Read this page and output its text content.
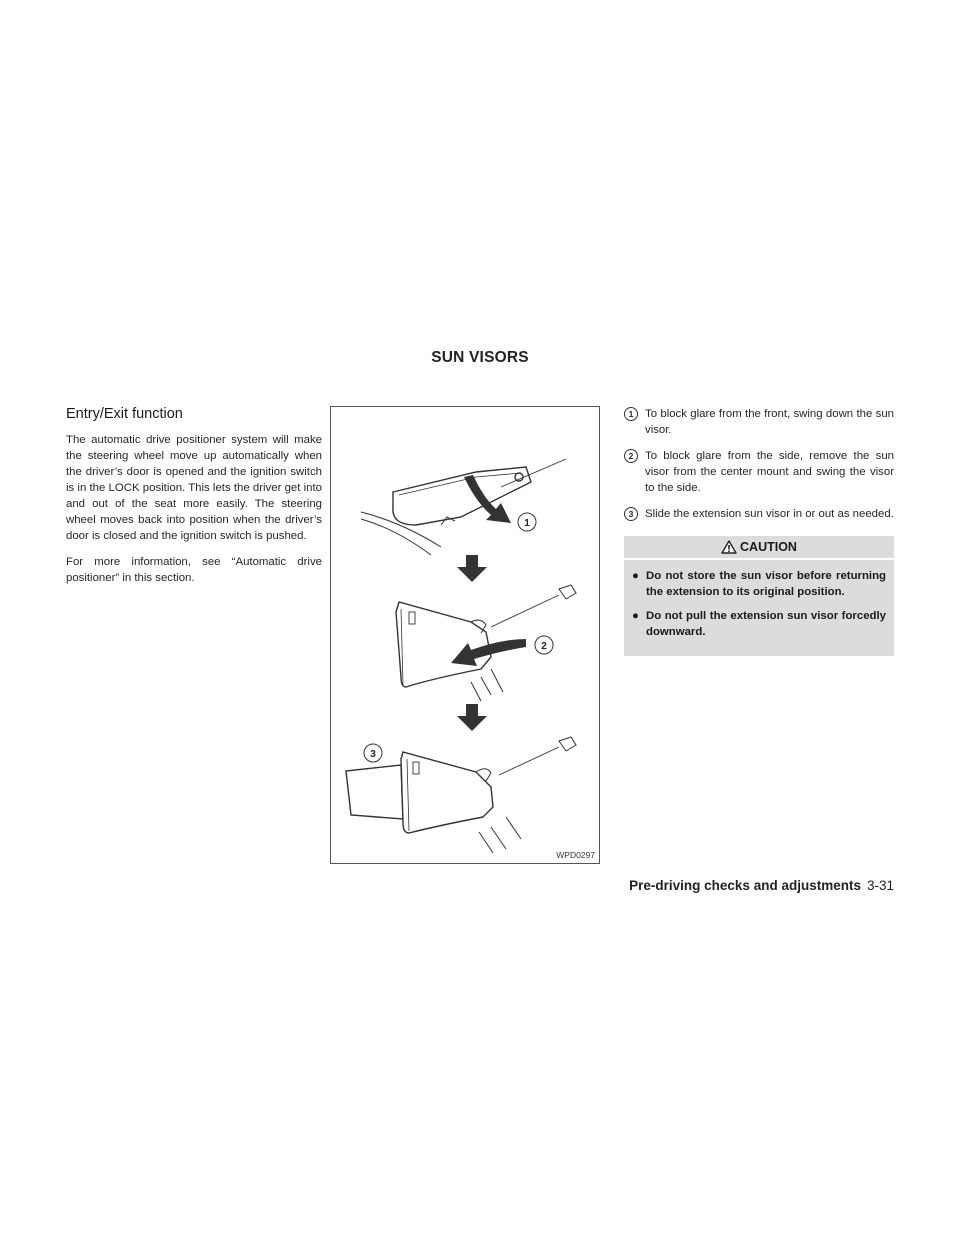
SUN VISORS
Entry/Exit function

The automatic drive positioner system will make the steering wheel move up automatically when the driver’s door is opened and the ignition switch is in the LOCK position. This lets the driver get into and out of the seat more easily. The steering wheel moves back into position when the driver’s door is closed and the ignition switch is pushed.

For more information, see “Automatic drive positioner” in this section.

1
2
3
WPD0297
1	To block glare from the front, swing down the sun visor.
2	To block glare from the side, remove the sun visor from the center mount and swing the visor to the side.
3	Slide the extension sun visor in or out as needed.
CAUTION
● Do not store the sun visor before returning the extension to its original position.
● Do not pull the extension sun visor forcedly downward.
Pre-driving checks and adjustments 3-31
